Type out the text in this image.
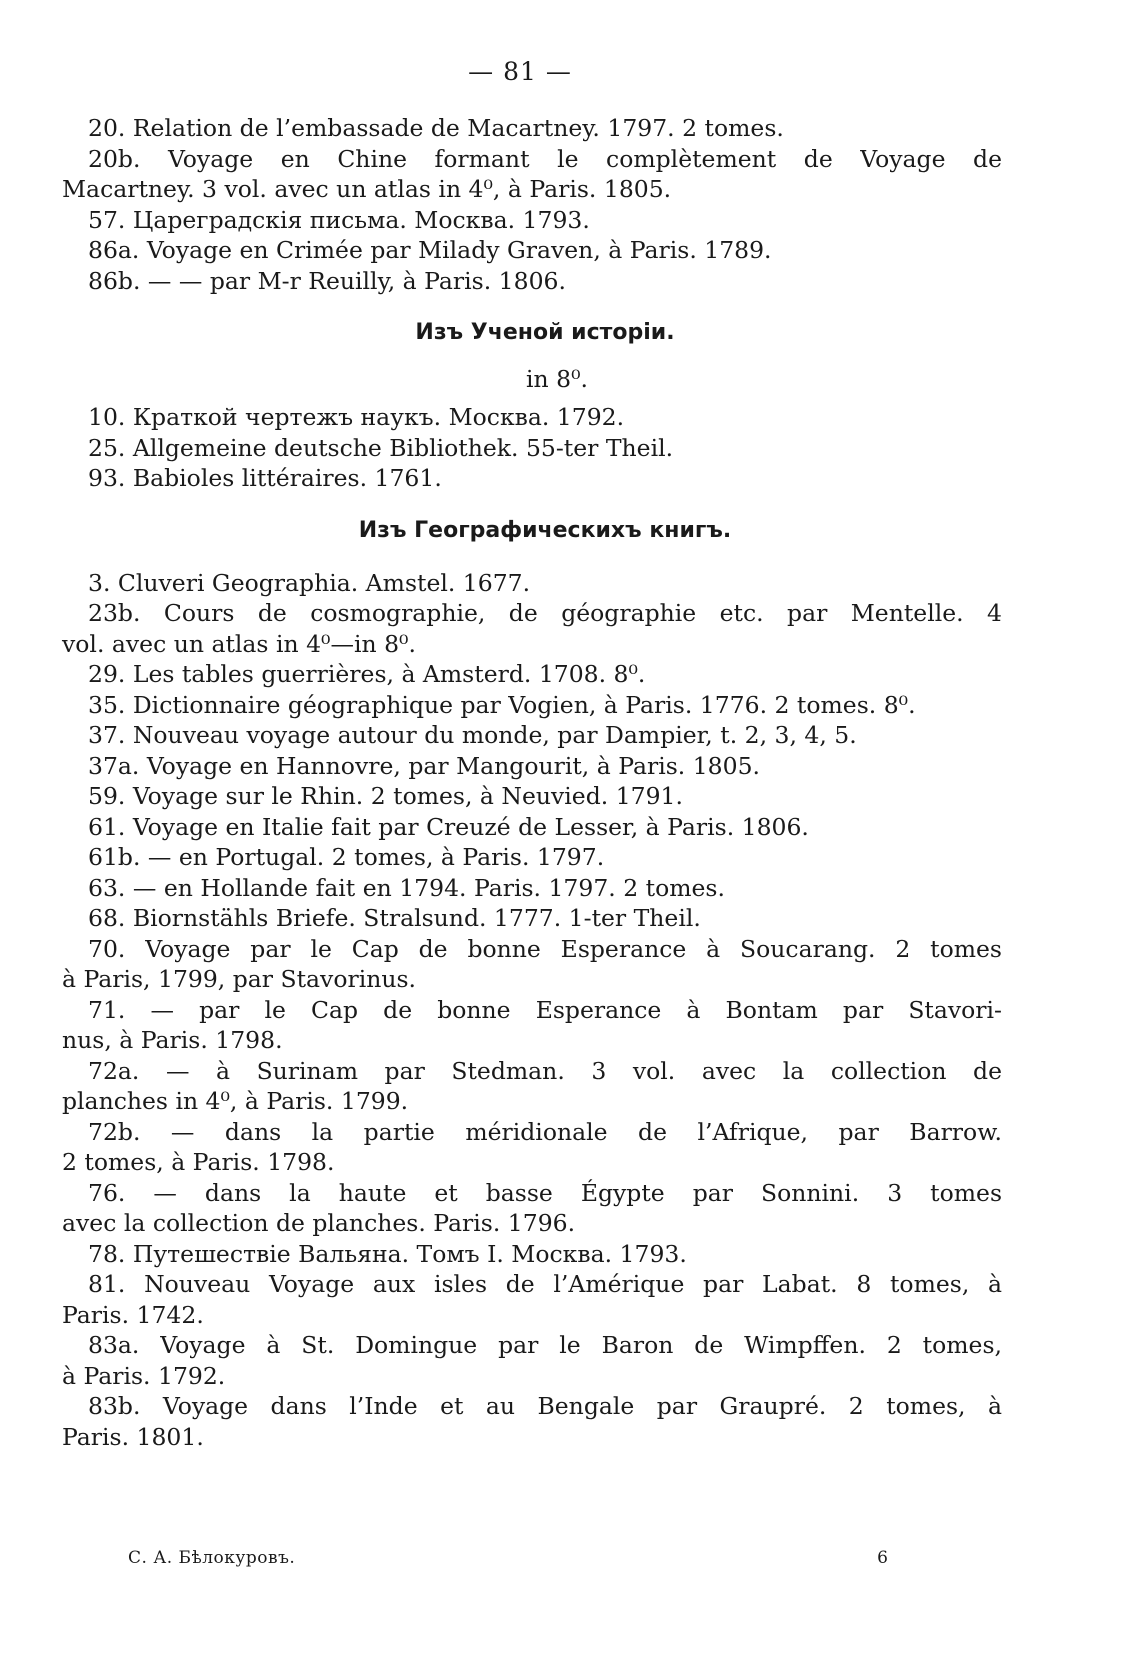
— 81 —
20. Relation de l’embassade de Macartney. 1797. 2 tomes.
20b. Voyage en Chine formant le complètement de Voyage de
Macartney. 3 vol. avec un atlas in 4⁰, à Paris. 1805.
57. Цареградскія письма. Москва. 1793.
86a. Voyage en Crimée par Milady Graven, à Paris. 1789.
86b. — — par M-r Reuilly, à Paris. 1806.
Изъ Ученой исторіи.
in 8⁰.
10. Краткой чертежъ наукъ. Москва. 1792.
25. Allgemeine deutsche Bibliothek. 55-ter Theil.
93. Babioles littéraires. 1761.
Изъ Географическихъ книгъ.
3. Cluveri Geographia. Amstel. 1677.
23b. Cours de cosmographie, de géographie etc. par Mentelle. 4
vol. avec un atlas in 4⁰—in 8⁰.
29. Les tables guerrières, à Amsterd. 1708. 8⁰.
35. Dictionnaire géographique par Vogien, à Paris. 1776. 2 tomes. 8⁰.
37. Nouveau voyage autour du monde, par Dampier, t. 2, 3, 4, 5.
37a. Voyage en Hannovre, par Mangourit, à Paris. 1805.
59. Voyage sur le Rhin. 2 tomes, à Neuvied. 1791.
61. Voyage en Italie fait par Creuzé de Lesser, à Paris. 1806.
61b. — en Portugal. 2 tomes, à Paris. 1797.
63. — en Hollande fait en 1794. Paris. 1797. 2 tomes.
68. Biornstähls Briefe. Stralsund. 1777. 1-ter Theil.
70. Voyage par le Cap de bonne Esperance à Soucarang. 2 tomes
à Paris, 1799, par Stavorinus.
71. — par le Cap de bonne Esperance à Bontam par Stavori-
nus, à Paris. 1798.
72a. — à Surinam par Stedman. 3 vol. avec la collection de
planches in 4⁰, à Paris. 1799.
72b. — dans la partie méridionale de l’Afrique, par Barrow.
2 tomes, à Paris. 1798.
76. — dans la haute et basse Égypte par Sonnini. 3 tomes
avec la collection de planches. Paris. 1796.
78. Путешествіе Вальяна. Томъ I. Москва. 1793.
81. Nouveau Voyage aux isles de l’Amérique par Labat. 8 tomes, à
Paris. 1742.
83a. Voyage à St. Domingue par le Baron de Wimpffen. 2 tomes,
à Paris. 1792.
83b. Voyage dans l’Inde et au Bengale par Graupré. 2 tomes, à
Paris. 1801.
С. А. Бѣлокуровъ.	6
